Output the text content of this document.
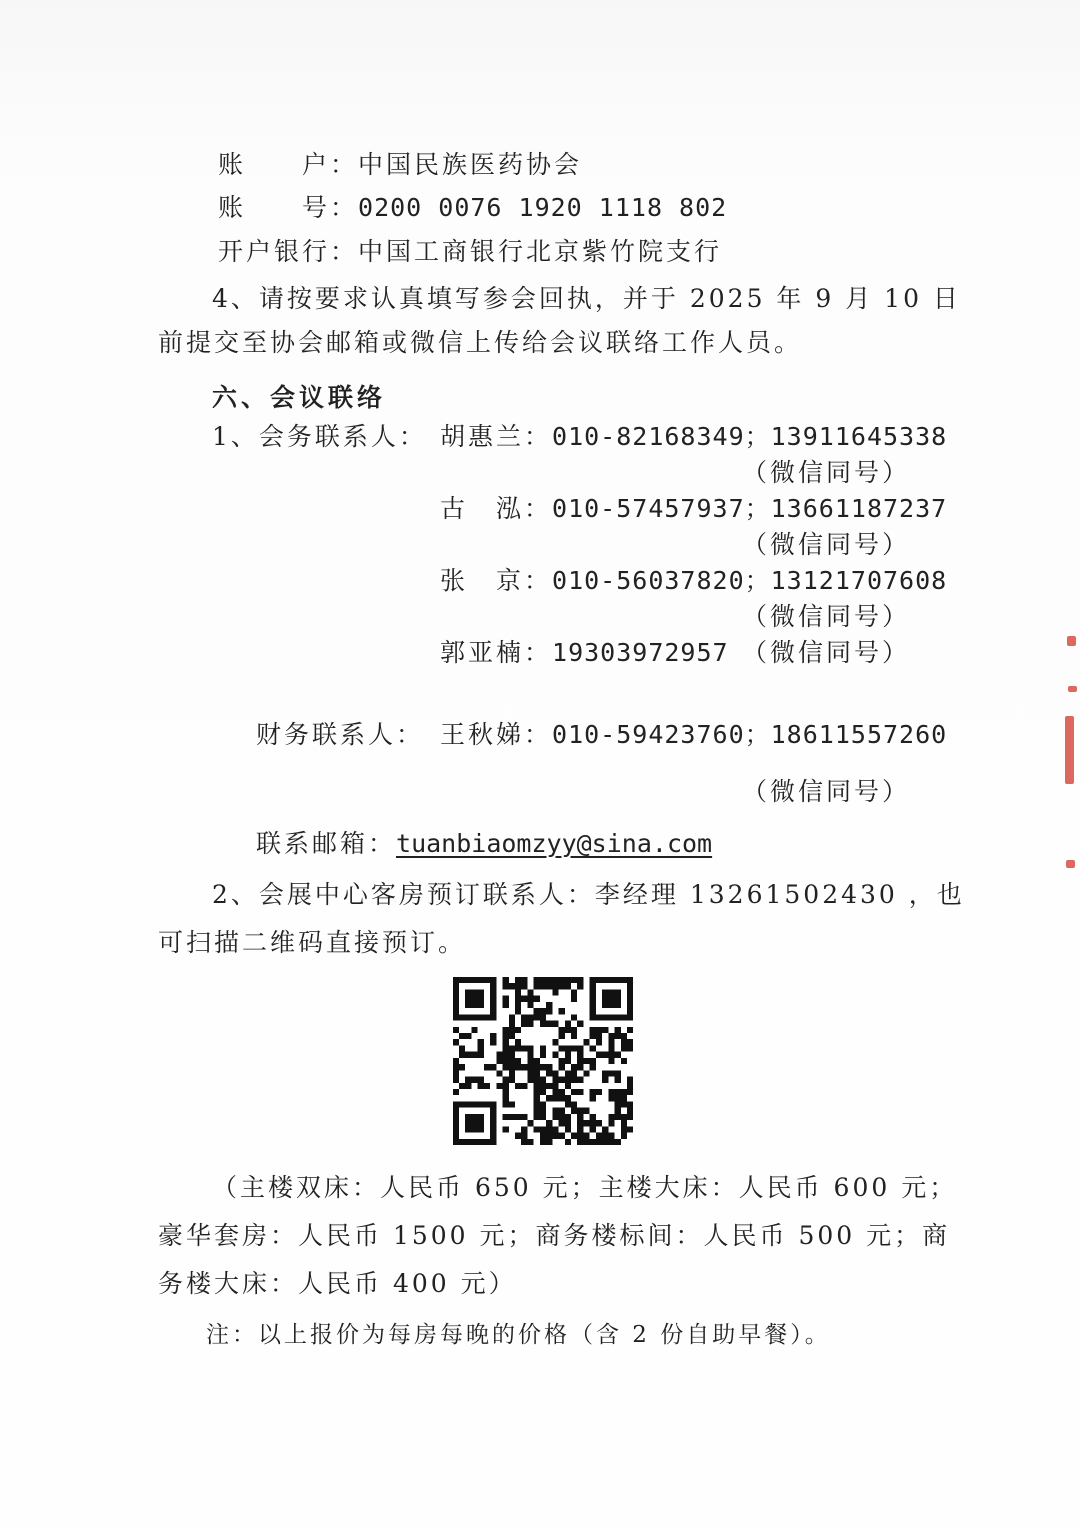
账　　户：中国民族医药协会
账　　号：0200 0076 1920 1118 802
开户银行：中国工商银行北京紫竹院支行
4、请按要求认真填写参会回执，并于 2025 年 9 月 10 日
前提交至协会邮箱或微信上传给会议联络工作人员。
六、会议联络
1、会务联系人： 胡惠兰：010-82168349；13911645338
（微信同号）
古　泓：010-57457937；13661187237
（微信同号）
张　京：010-56037820；13121707608
（微信同号）
郭亚楠：19303972957 （微信同号）
财务联系人： 王秋娣：010-59423760；18611557260
（微信同号）
联系邮箱：tuanbiaomzyy@sina.com
2、会展中心客房预订联系人：李经理 13261502430 ，也
可扫描二维码直接预订。
（主楼双床：人民币 650 元；主楼大床：人民币 600 元；
豪华套房：人民币 1500 元；商务楼标间：人民币 500 元；商
务楼大床：人民币 400 元）
注：以上报价为每房每晚的价格（含 2 份自助早餐）。
